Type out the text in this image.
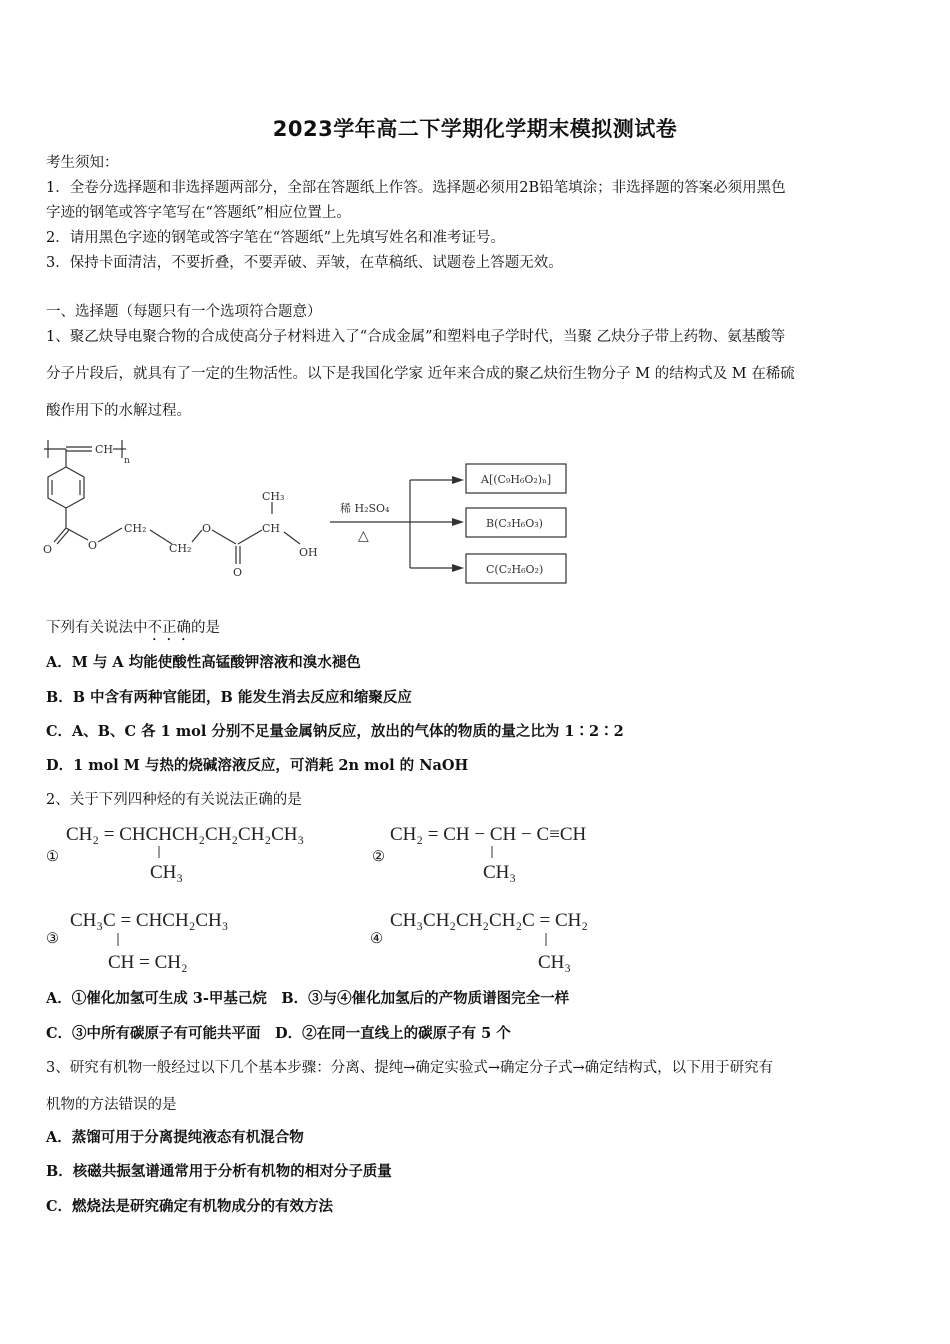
2023学年高二下学期化学期末模拟测试卷
考生须知：
1．全卷分选择题和非选择题两部分，全部在答题纸上作答。选择题必须用2B铅笔填涂；非选择题的答案必须用黑色
字迹的钢笔或答字笔写在“答题纸”相应位置上。
2．请用黑色字迹的钢笔或答字笔在“答题纸”上先填写姓名和准考证号。
3．保持卡面清洁，不要折叠，不要弄破、弄皱，在草稿纸、试题卷上答题无效。
一、选择题（每题只有一个选项符合题意）
1、聚乙炔导电聚合物的合成使高分子材料进入了“合成金属”和塑料电子学时代，当聚 乙炔分子带上药物、氨基酸等
分子片段后，就具有了一定的生物活性。以下是我国化学家 近年来合成的聚乙炔衍生物分子 M 的结构式及 M 在稀硫
酸作用下的水解过程。
CH
n
O	O
CH₂
CH₂
O
O
CH₃
CH
OH
稀 H₂SO₄
△
A[(C₉H₆O₂)ₙ]
B(C₃H₆O₃)
C(C₂H₆O₂)
下列有关说法中不正确的是
A．M 与 A 均能使酸性高锰酸钾溶液和溴水褪色
B．B 中含有两种官能团，B 能发生消去反应和缩聚反应
C．A、B、C 各 1 mol 分别不足量金属钠反应，放出的气体的物质的量之比为 1∶2∶2
D．1 mol M 与热的烧碱溶液反应，可消耗 2n mol 的 NaOH
2、关于下列四种烃的有关说法正确的是
①
CH₂ = CHCHCH₂CH₂CH₂CH₃
CH₃
②
CH₂ = CH − CH − C≡CH
CH₃
③
CH₃C = CHCH₂CH₃
CH = CH₂
④
CH₃CH₂CH₂CH₂C = CH₂
CH₃
A．①催化加氢可生成 3-甲基己烷　B．③与④催化加氢后的产物质谱图完全一样
C．③中所有碳原子有可能共平面　D．②在同一直线上的碳原子有 5 个
3、研究有机物一般经过以下几个基本步骤：分离、提纯→确定实验式→确定分子式→确定结构式，以下用于研究有
机物的方法错误的是
A．蒸馏可用于分离提纯液态有机混合物
B．核磁共振氢谱通常用于分析有机物的相对分子质量
C．燃烧法是研究确定有机物成分的有效方法
